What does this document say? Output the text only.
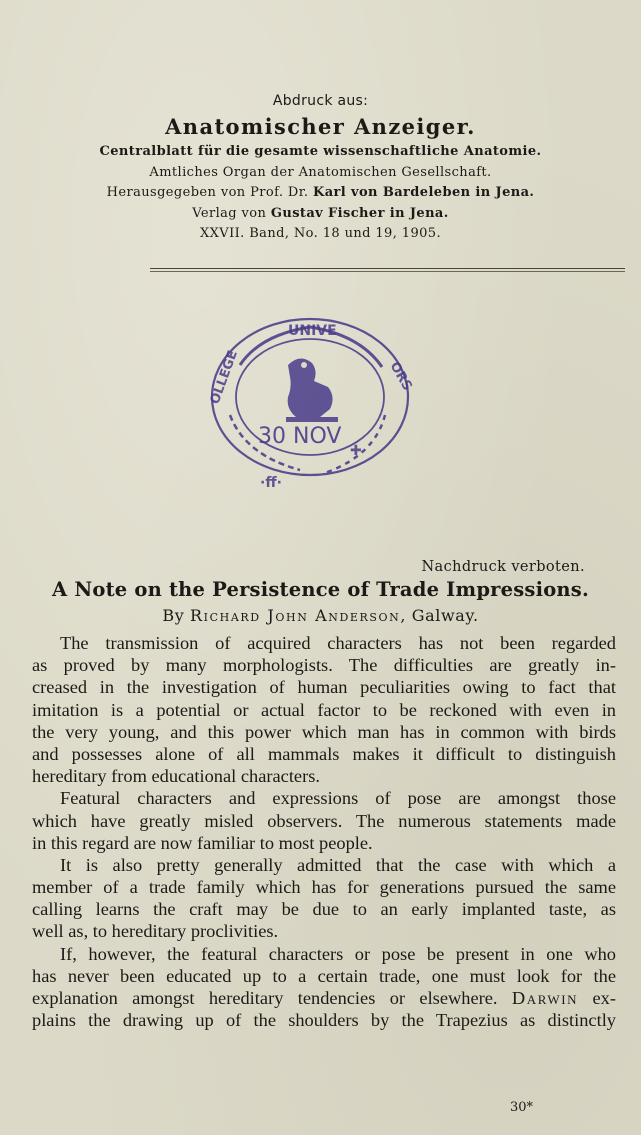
Abdruck aus:
Anatomischer Anzeiger.
Centralblatt für die gesamte wissenschaftliche Anatomie.
Amtliches Organ der Anatomischen Gesellschaft.
Herausgegeben von Prof. Dr. Karl von Bardeleben in Jena.
Verlag von Gustav Fischer in Jena.
XXVII. Band, No. 18 und 19, 1905.
UNIVE
OLLEGE	ORS
·ff·
✚
30 NOV
Nachdruck verboten.
A Note on the Persistence of Trade Impressions.
By Richard John Anderson, Galway.
The transmission of acquired characters has not been regarded
as proved by many morphologists. The difficulties are greatly in-
creased in the investigation of human peculiarities owing to fact that
imitation is a potential or actual factor to be reckoned with even in
the very young, and this power which man has in common with birds
and possesses alone of all mammals makes it difficult to distinguish
hereditary from educational characters.
Featural characters and expressions of pose are amongst those
which have greatly misled observers. The numerous statements made
in this regard are now familiar to most people.
It is also pretty generally admitted that the case with which a
member of a trade family which has for generations pursued the same
calling learns the craft may be due to an early implanted taste, as
well as, to hereditary proclivities.
If, however, the featural characters or pose be present in one who
has never been educated up to a certain trade, one must look for the
explanation amongst hereditary tendencies or elsewhere. Darwin ex-
plains the drawing up of the shoulders by the Trapezius as distinctly
30*
